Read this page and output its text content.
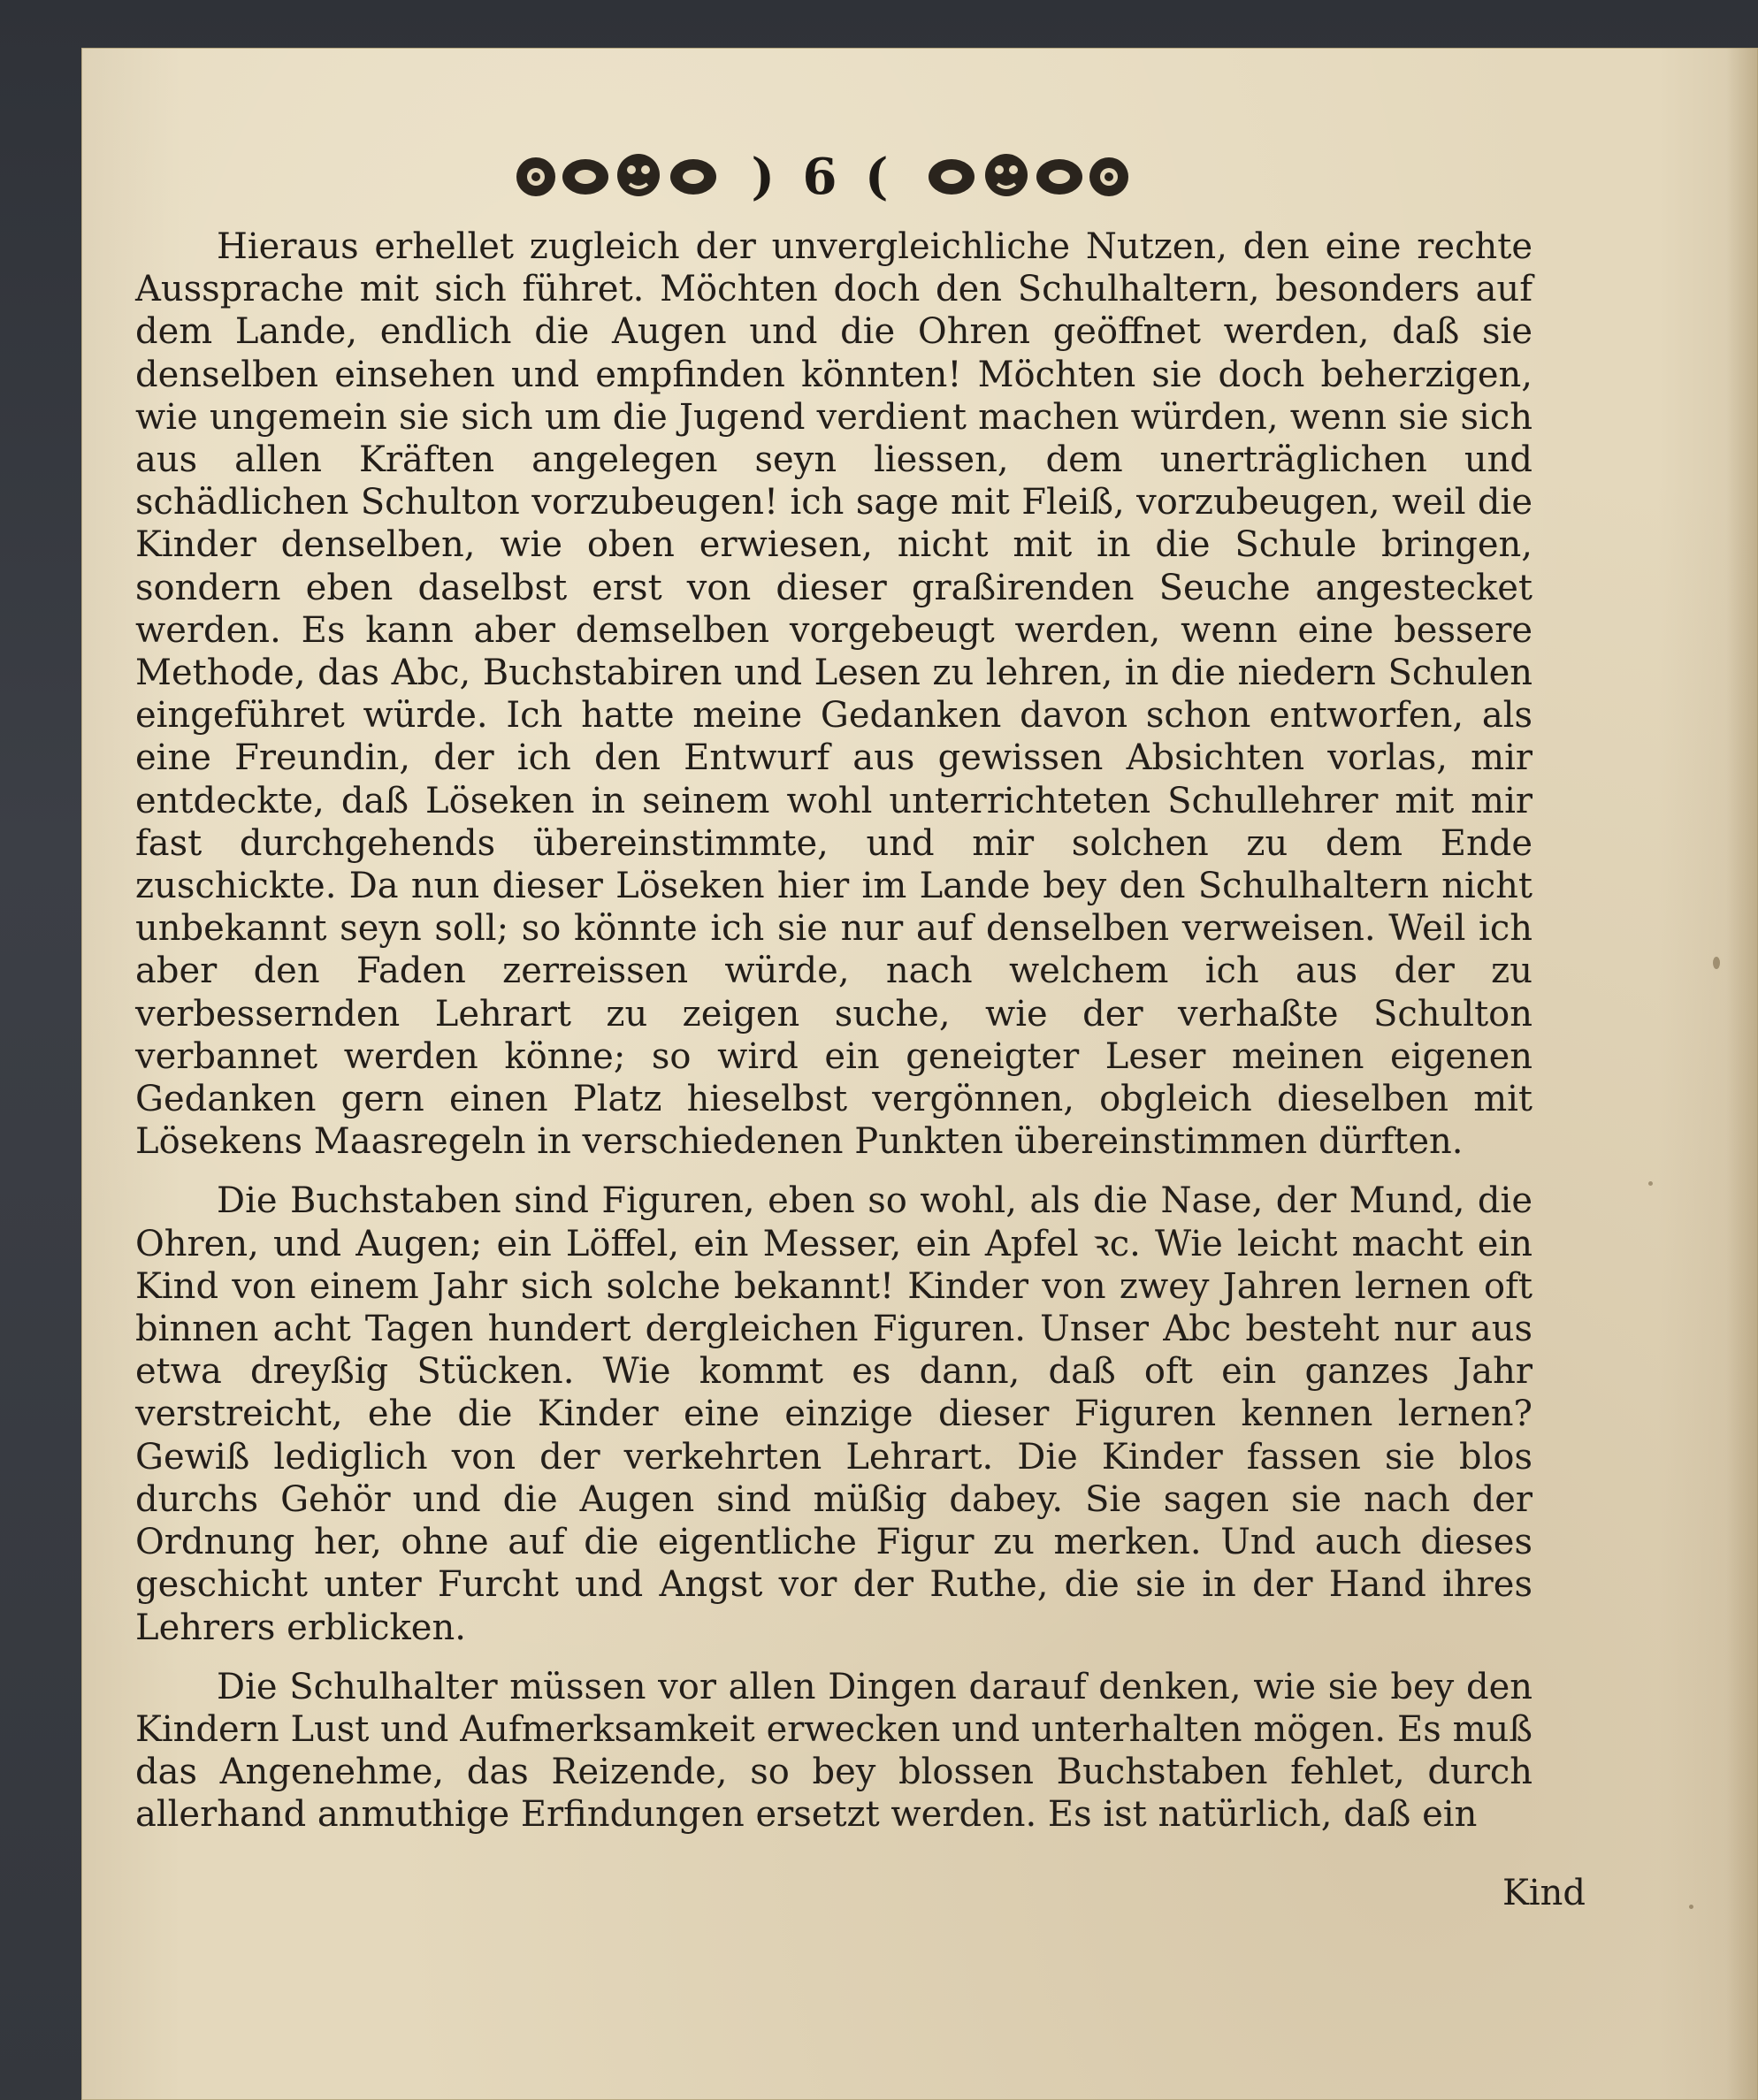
) 6 (

Hieraus erhellet zugleich der unvergleichliche Nutzen, den eine rechte Aussprache mit sich führet. Möchten doch den Schulhaltern, besonders auf dem Lande, endlich die Augen und die Ohren geöffnet werden, daß sie denselben einsehen und empfinden könnten! Möchten sie doch beherzigen, wie ungemein sie sich um die Jugend verdient machen würden, wenn sie sich aus allen Kräften angelegen seyn liessen, dem unerträglichen und schädlichen Schulton vorzubeugen! ich sage mit Fleiß, vorzubeugen, weil die Kinder denselben, wie oben erwiesen, nicht mit in die Schule bringen, sondern eben daselbst erst von dieser graßirenden Seuche angestecket werden. Es kann aber demselben vorgebeugt werden, wenn eine bessere Methode, das Abc, Buchstabiren und Lesen zu lehren, in die niedern Schulen eingeführet würde. Ich hatte meine Gedanken davon schon entworfen, als eine Freundin, der ich den Entwurf aus gewissen Absichten vorlas, mir entdeckte, daß Löseken in seinem wohl unterrichteten Schullehrer mit mir fast durchgehends übereinstimmte, und mir solchen zu dem Ende zuschickte. Da nun dieser Löseken hier im Lande bey den Schulhaltern nicht unbekannt seyn soll; so könnte ich sie nur auf denselben verweisen. Weil ich aber den Faden zerreissen würde, nach welchem ich aus der zu verbessernden Lehrart zu zeigen suche, wie der verhaßte Schulton verbannet werden könne; so wird ein geneigter Leser meinen eigenen Gedanken gern einen Platz hieselbst vergönnen, obgleich dieselben mit Lösekens Maasregeln in verschiedenen Punkten übereinstimmen dürften.

Die Buchstaben sind Figuren, eben so wohl, als die Nase, der Mund, die Ohren, und Augen; ein Löffel, ein Messer, ein Apfel ꝛc. Wie leicht macht ein Kind von einem Jahr sich solche bekannt! Kinder von zwey Jahren lernen oft binnen acht Tagen hundert dergleichen Figuren. Unser Abc besteht nur aus etwa dreyßig Stücken. Wie kommt es dann, daß oft ein ganzes Jahr verstreicht, ehe die Kinder eine einzige dieser Figuren kennen lernen? Gewiß lediglich von der verkehrten Lehrart. Die Kinder fassen sie blos durchs Gehör und die Augen sind müßig dabey. Sie sagen sie nach der Ordnung her, ohne auf die eigentliche Figur zu merken. Und auch dieses geschicht unter Furcht und Angst vor der Ruthe, die sie in der Hand ihres Lehrers erblicken.

Die Schulhalter müssen vor allen Dingen darauf denken, wie sie bey den Kindern Lust und Aufmerksamkeit erwecken und unterhalten mögen. Es muß das Angenehme, das Reizende, so bey blossen Buchstaben fehlet, durch allerhand anmuthige Erfindungen ersetzt werden. Es ist natürlich, daß ein

Kind
